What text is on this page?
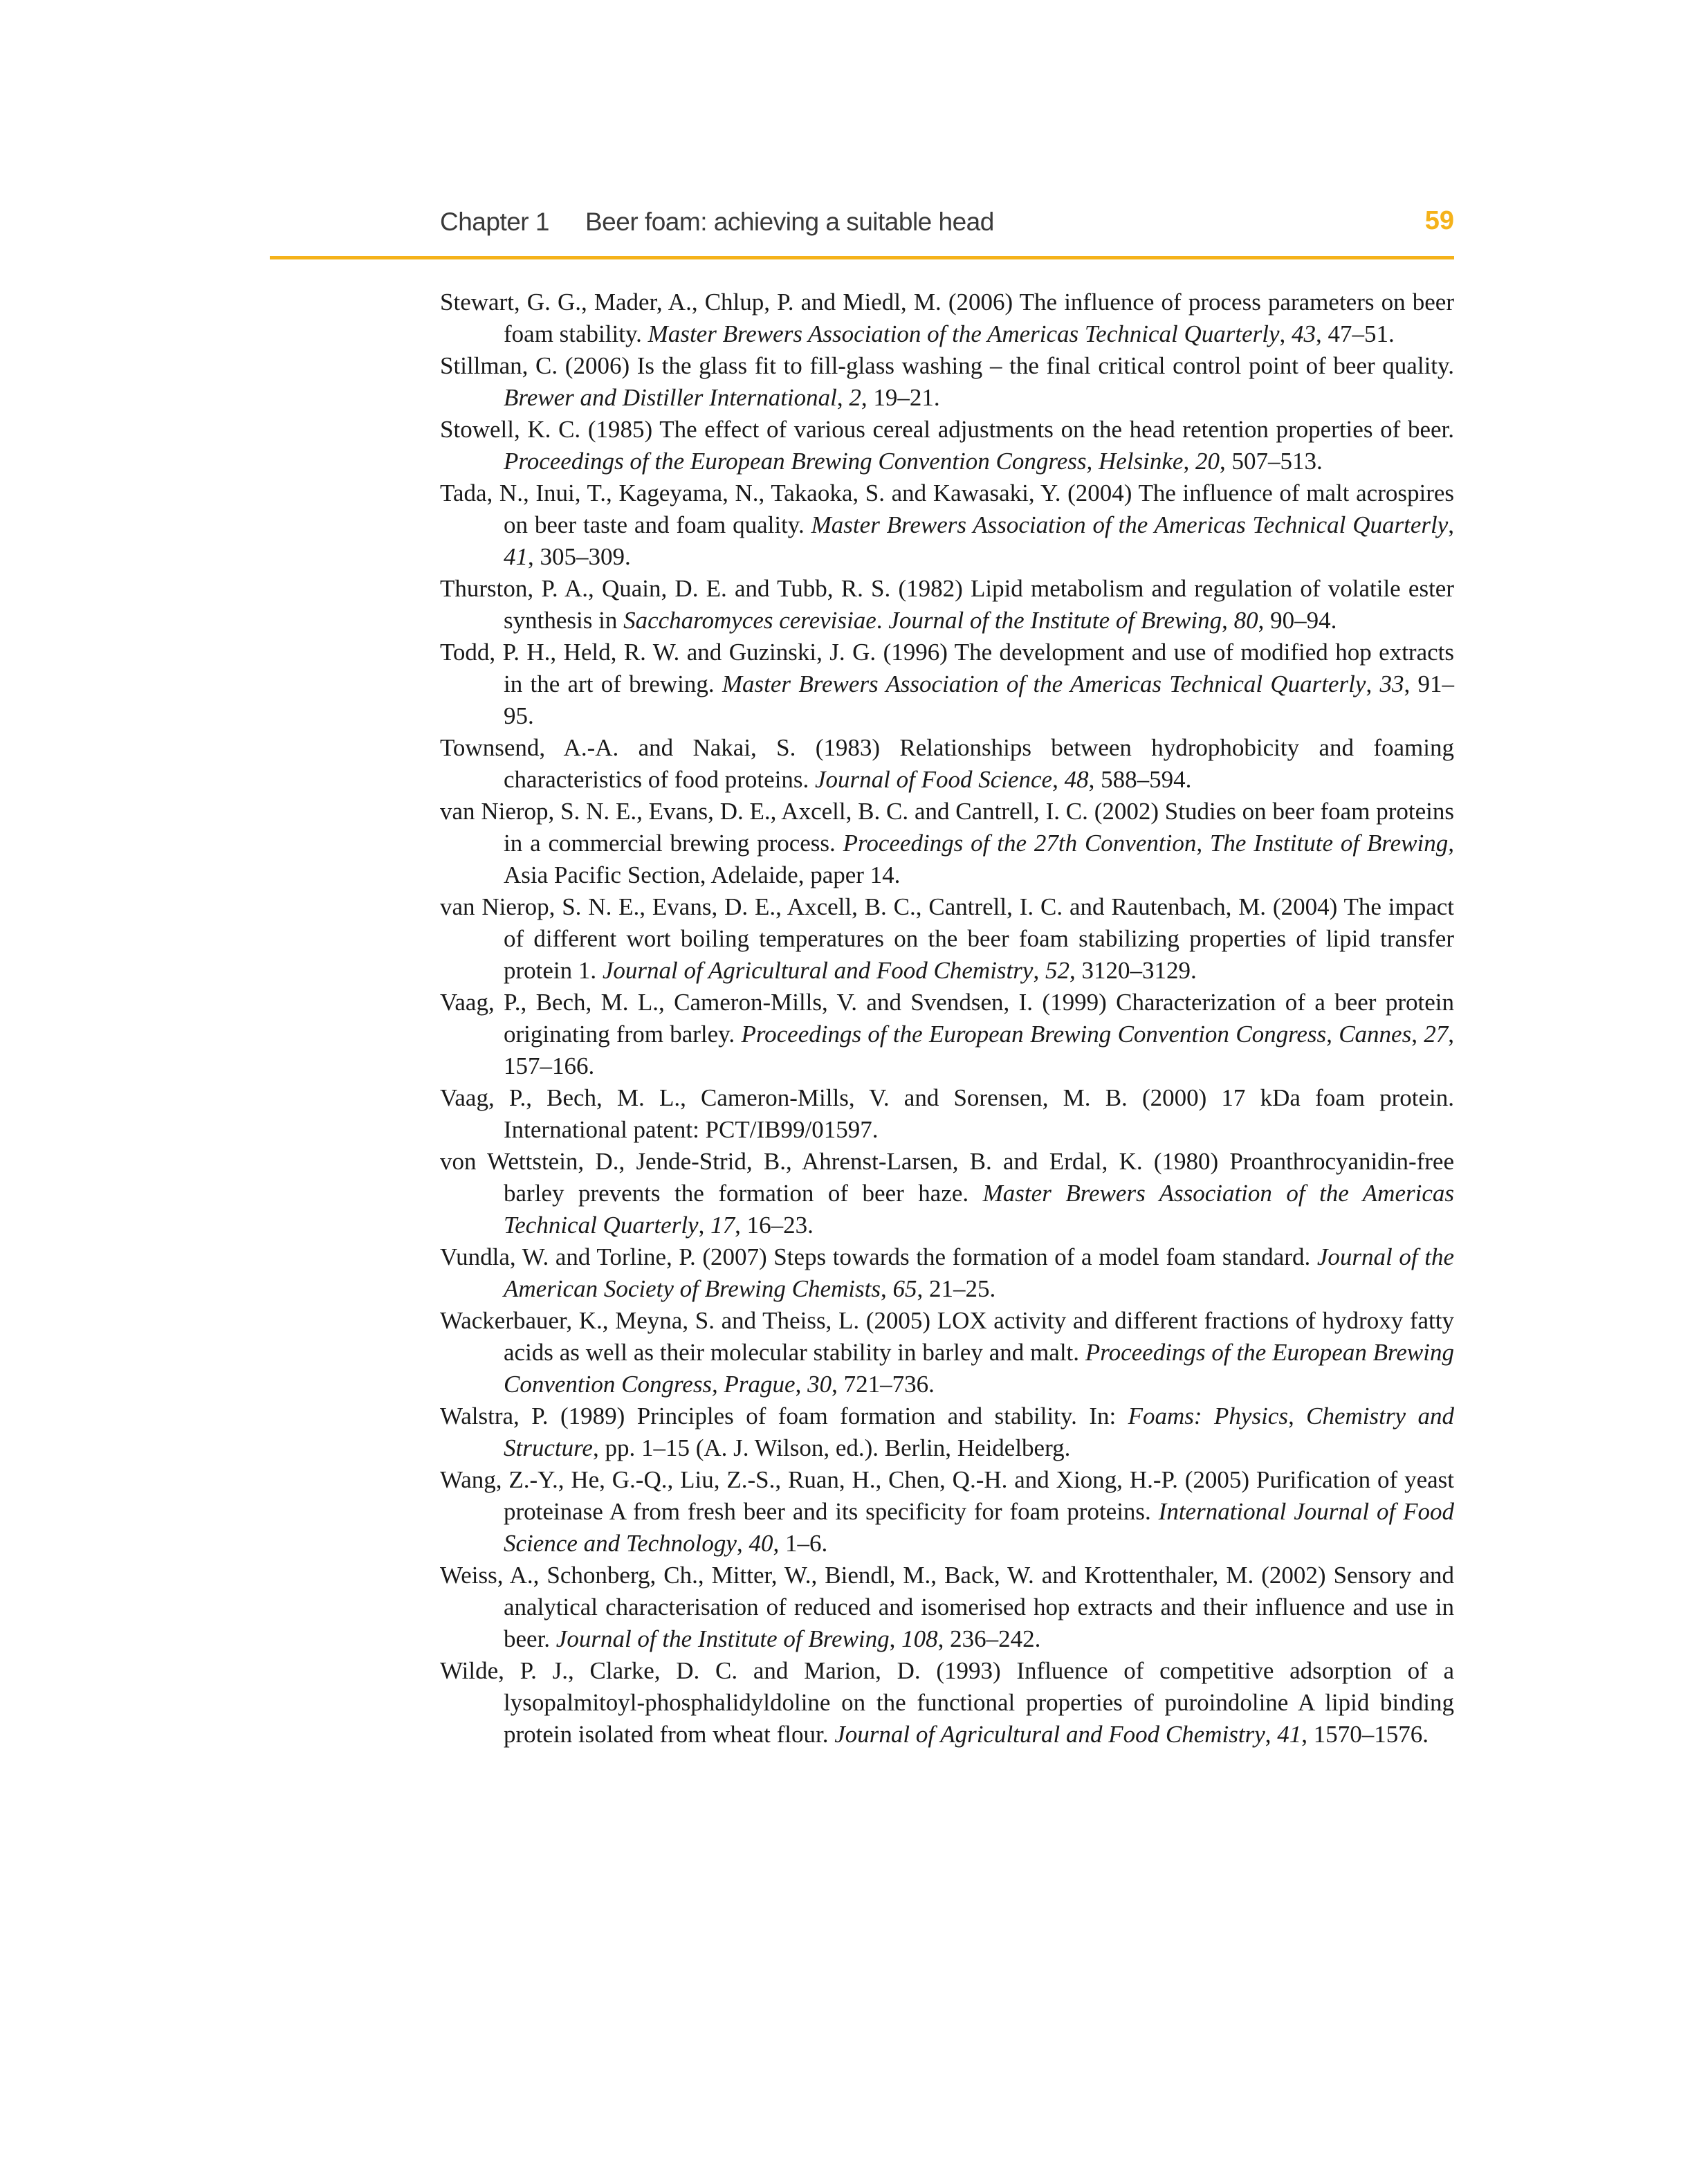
Chapter 1 Beer foam: achieving a suitable head	59
Stewart, G. G., Mader, A., Chlup, P. and Miedl, M. (2006) The influence of process parameters on beer foam stability. Master Brewers Association of the Americas Technical Quarterly, 43, 47–51.
Stillman, C. (2006) Is the glass fit to fill-glass washing – the final critical control point of beer quality. Brewer and Distiller International, 2, 19–21.
Stowell, K. C. (1985) The effect of various cereal adjustments on the head retention properties of beer. Proceedings of the European Brewing Convention Congress, Helsinke, 20, 507–513.
Tada, N., Inui, T., Kageyama, N., Takaoka, S. and Kawasaki, Y. (2004) The influence of malt acrospires on beer taste and foam quality. Master Brewers Association of the Americas Technical Quarterly, 41, 305–309.
Thurston, P. A., Quain, D. E. and Tubb, R. S. (1982) Lipid metabolism and regulation of volatile ester synthesis in Saccharomyces cerevisiae. Journal of the Institute of Brewing, 80, 90–94.
Todd, P. H., Held, R. W. and Guzinski, J. G. (1996) The development and use of modified hop extracts in the art of brewing. Master Brewers Association of the Americas Technical Quarterly, 33, 91–95.
Townsend, A.-A. and Nakai, S. (1983) Relationships between hydrophobicity and foaming characteristics of food proteins. Journal of Food Science, 48, 588–594.
van Nierop, S. N. E., Evans, D. E., Axcell, B. C. and Cantrell, I. C. (2002) Studies on beer foam proteins in a commercial brewing process. Proceedings of the 27th Convention, The Institute of Brewing, Asia Pacific Section, Adelaide, paper 14.
van Nierop, S. N. E., Evans, D. E., Axcell, B. C., Cantrell, I. C. and Rautenbach, M. (2004) The impact of different wort boiling temperatures on the beer foam stabilizing properties of lipid transfer protein 1. Journal of Agricultural and Food Chemistry, 52, 3120–3129.
Vaag, P., Bech, M. L., Cameron-Mills, V. and Svendsen, I. (1999) Characterization of a beer protein originating from barley. Proceedings of the European Brewing Convention Congress, Cannes, 27, 157–166.
Vaag, P., Bech, M. L., Cameron-Mills, V. and Sorensen, M. B. (2000) 17 kDa foam protein. International patent: PCT/IB99/01597.
von Wettstein, D., Jende-Strid, B., Ahrenst-Larsen, B. and Erdal, K. (1980) Proanthrocyanidin-free barley prevents the formation of beer haze. Master Brewers Association of the Americas Technical Quarterly, 17, 16–23.
Vundla, W. and Torline, P. (2007) Steps towards the formation of a model foam standard. Journal of the American Society of Brewing Chemists, 65, 21–25.
Wackerbauer, K., Meyna, S. and Theiss, L. (2005) LOX activity and different fractions of hydroxy fatty acids as well as their molecular stability in barley and malt. Proceedings of the European Brewing Convention Congress, Prague, 30, 721–736.
Walstra, P. (1989) Principles of foam formation and stability. In: Foams: Physics, Chemistry and Structure, pp. 1–15 (A. J. Wilson, ed.). Berlin, Heidelberg.
Wang, Z.-Y., He, G.-Q., Liu, Z.-S., Ruan, H., Chen, Q.-H. and Xiong, H.-P. (2005) Purification of yeast proteinase A from fresh beer and its specificity for foam proteins. International Journal of Food Science and Technology, 40, 1–6.
Weiss, A., Schonberg, Ch., Mitter, W., Biendl, M., Back, W. and Krottenthaler, M. (2002) Sensory and analytical characterisation of reduced and isomerised hop extracts and their influence and use in beer. Journal of the Institute of Brewing, 108, 236–242.
Wilde, P. J., Clarke, D. C. and Marion, D. (1993) Influence of competitive adsorption of a lysopalmitoyl-phosphalidyldoline on the functional properties of puroindoline A lipid binding protein isolated from wheat flour. Journal of Agricultural and Food Chemistry, 41, 1570–1576.
